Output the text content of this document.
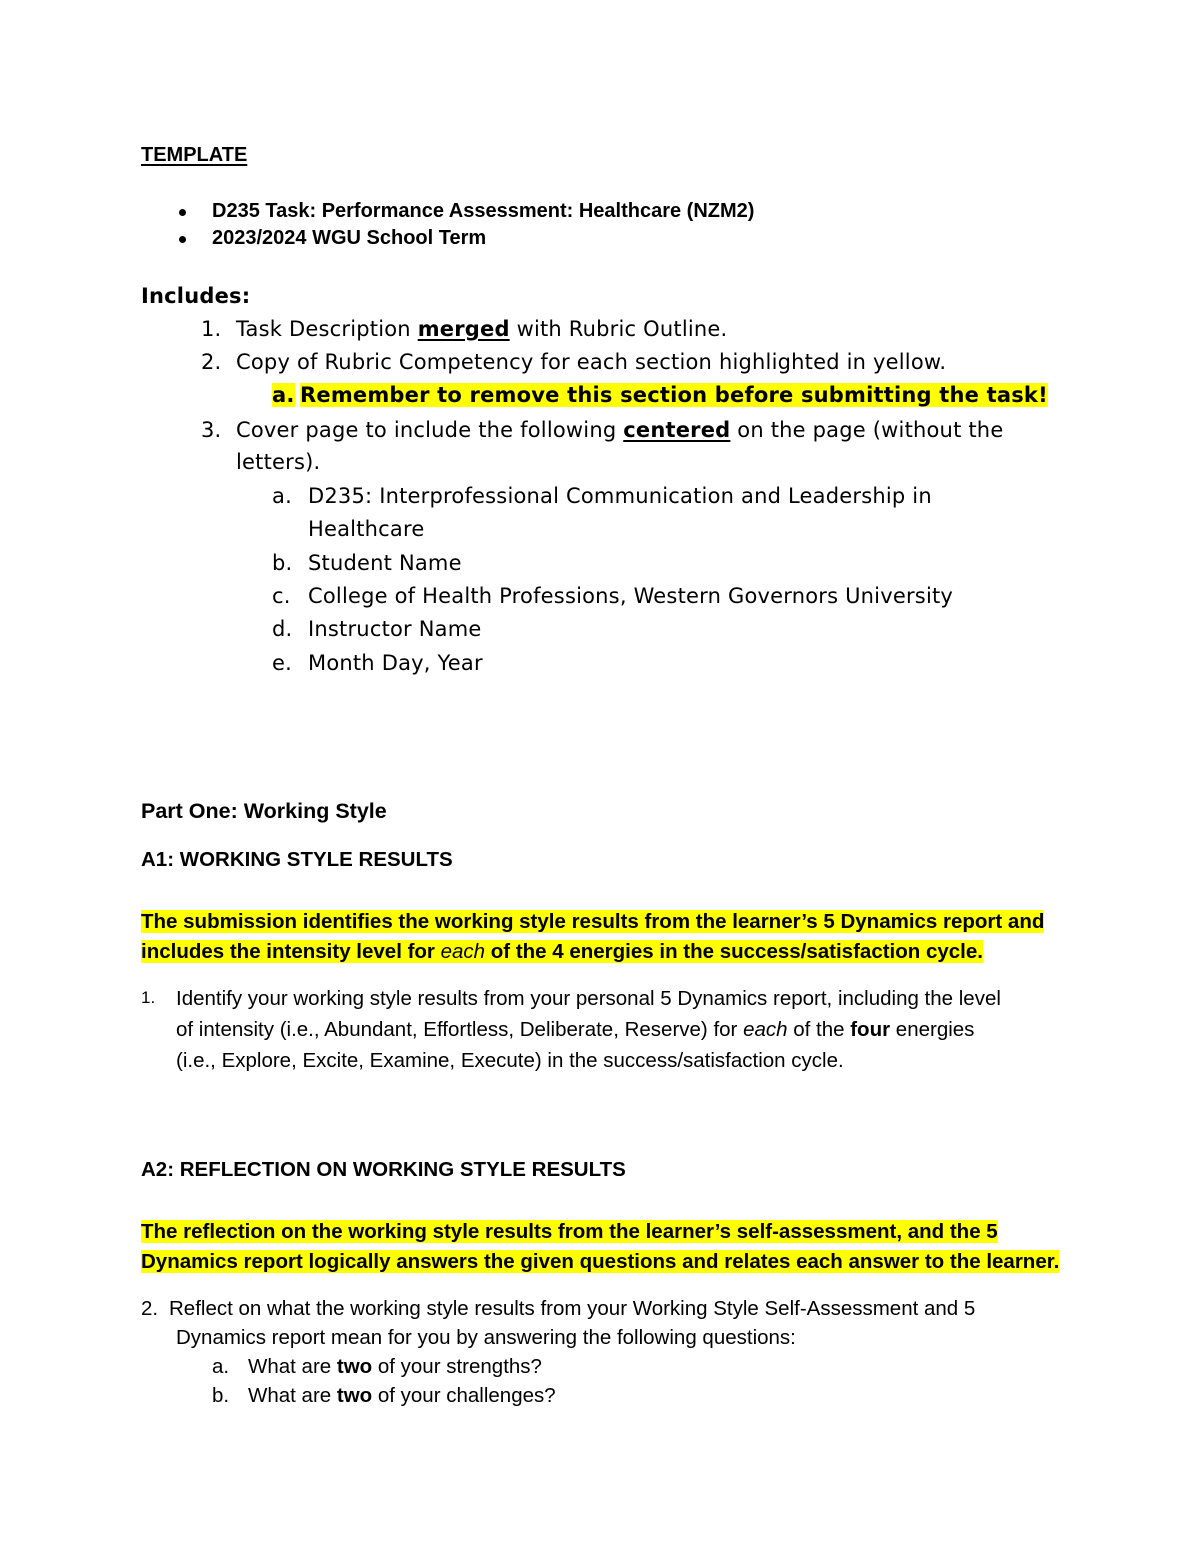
TEMPLATE
D235 Task: Performance Assessment: Healthcare (NZM2)
2023/2024 WGU School Term
Includes:
1. Task Description merged with Rubric Outline.
2. Copy of Rubric Competency for each section highlighted in yellow.
a. Remember to remove this section before submitting the task!
3. Cover page to include the following centered on the page (without the
letters).
a. D235: Interprofessional Communication and Leadership in
Healthcare
b. Student Name
c. College of Health Professions, Western Governors University
d. Instructor Name
e. Month Day, Year
Part One: Working Style
A1: WORKING STYLE RESULTS
The submission identifies the working style results from the learner’s 5 Dynamics report and
includes the intensity level for each of the 4 energies in the success/satisfaction cycle.
1. Identify your working style results from your personal 5 Dynamics report, including the level
of intensity (i.e., Abundant, Effortless, Deliberate, Reserve) for each of the four energies
(i.e., Explore, Excite, Examine, Execute) in the success/satisfaction cycle.
A2: REFLECTION ON WORKING STYLE RESULTS
The reflection on the working style results from the learner’s self-assessment, and the 5
Dynamics report logically answers the given questions and relates each answer to the learner.
2. Reflect on what the working style results from your Working Style Self-Assessment and 5
Dynamics report mean for you by answering the following questions:
a. What are two of your strengths?
b. What are two of your challenges?
